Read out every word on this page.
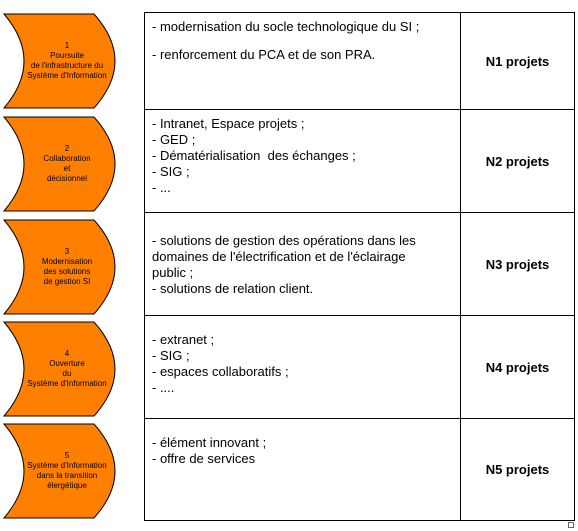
1
Poursuite
de l'infrastructure du
Système d'Information
2
Collaboration
et
décisionnel
3
Modernisation
des solutions
de gestion SI
4
Ouverture
du
Système d'Information
5
Système d'Information
dans la transition
élergétique
- modernisation du socle technologique du SI ;
- renforcement du PCA et de son PRA.	N1 projets
- Intranet, Espace projets ;
- GED ;
- Dématérialisation  des échanges ;
- SIG ;
- ...
N2 projets
- solutions de gestion des opérations dans les
domaines de l'électrification et de l'éclairage
public ;
- solutions de relation client.
N3 projets
- extranet ;
- SIG ;
- espaces collaboratifs ;
- ....
N4 projets
- élément innovant ;
- offre de services
N5 projets
